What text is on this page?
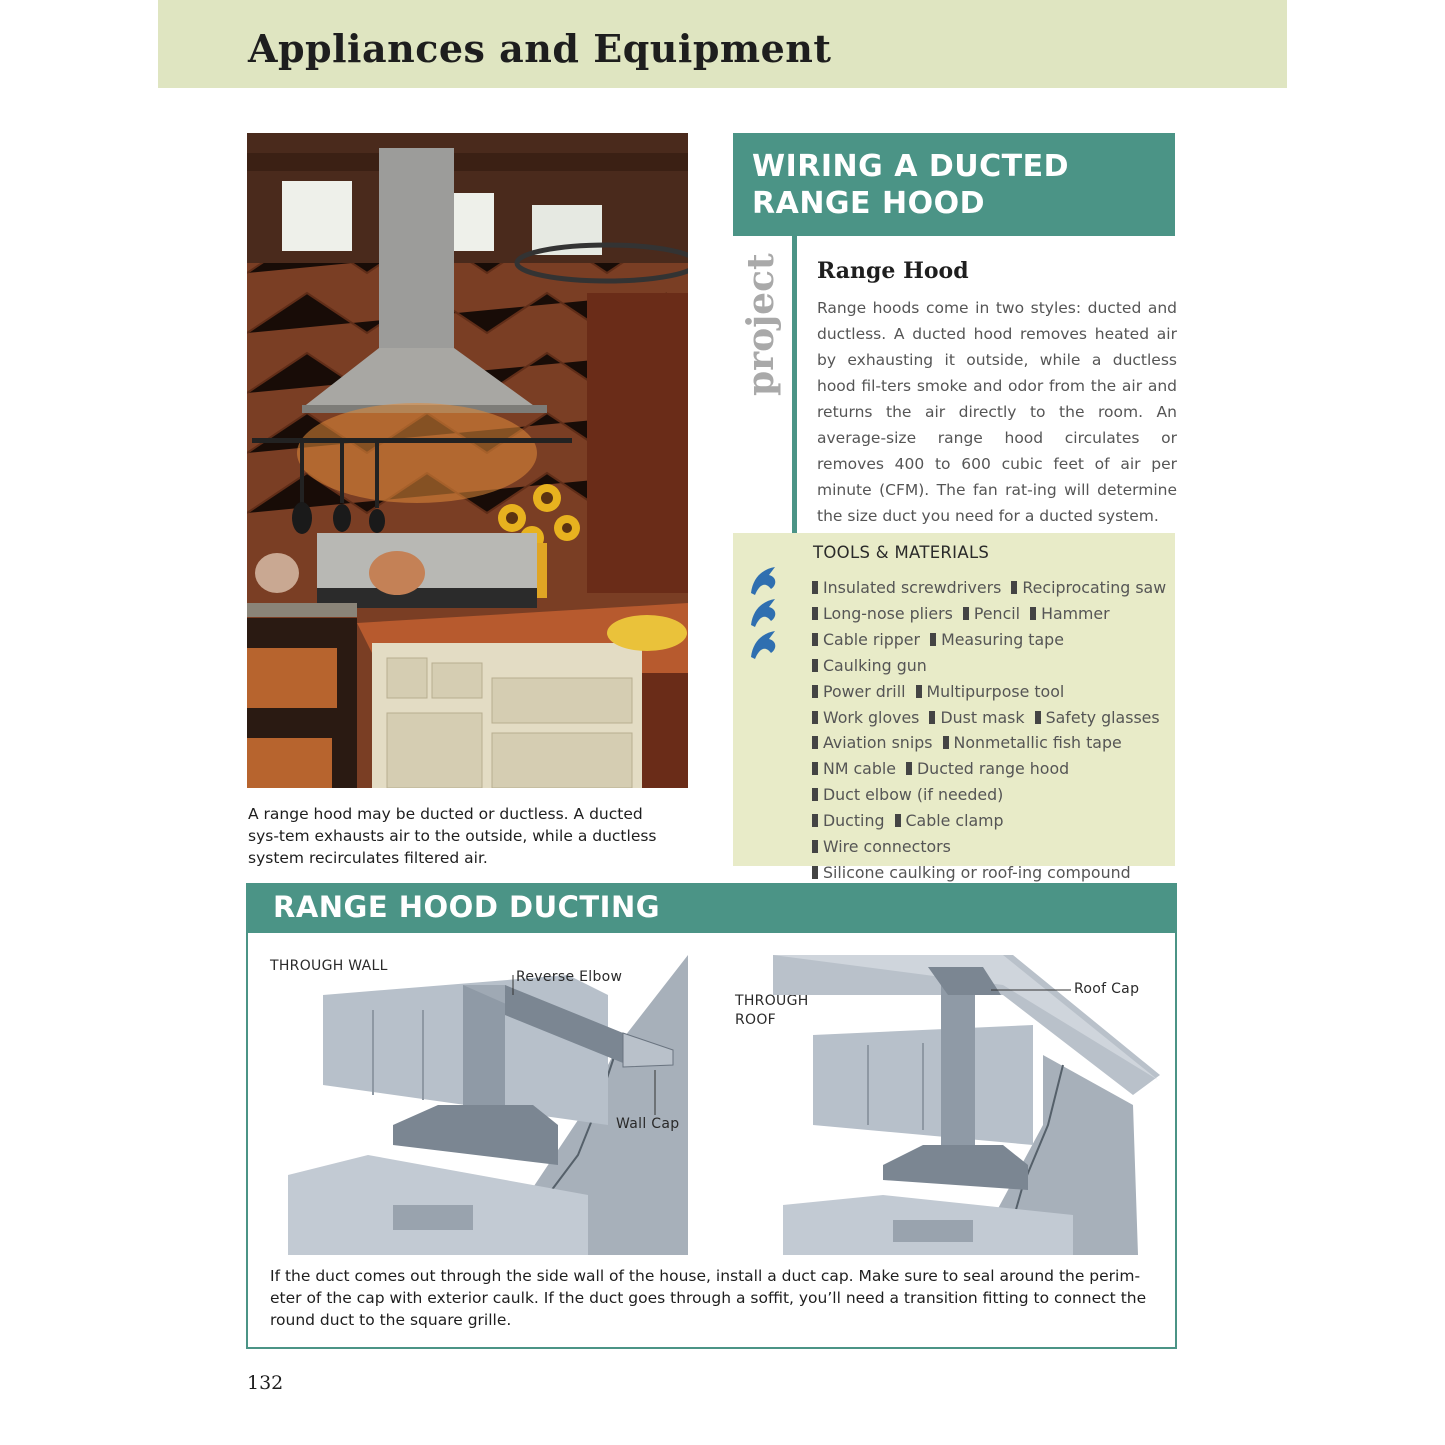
Appliances and Equipment
A range hood may be ducted or ductless. A ducted sys-tem exhausts air to the outside, while a ductless system recirculates filtered air.
WIRING A DUCTED
RANGE HOOD
project Range Hood
Range hoods come in two styles: ducted and ductless. A ducted hood removes heated air by exhausting it outside, while a ductless hood fil-ters smoke and odor from the air and returns the air directly to the room. An average-size range hood circulates or removes 400 to 600 cubic feet of air per minute (CFM). The fan rat-ing will determine the size duct you need for a ducted system.
TOOLS & MATERIALS
Insulated screwdrivers Reciprocating saw
Long-nose pliers Pencil Hammer
Cable ripper Measuring tape  Caulking gun
Power drill Multipurpose tool
Work gloves Dust mask Safety glasses
Aviation snips Nonmetallic fish tape
NM cable Ducted range hood  Duct elbow (if needed)
Ducting Cable clamp
Wire connectors
Silicone caulking or roof-ing compound

RANGE HOOD DUCTING
THROUGH WALL
Reverse Elbow
Wall Cap
THROUGH
ROOF
Roof Cap
If the duct comes out through the side wall of the house, install a duct cap. Make sure to seal around the perim-eter of the cap with exterior caulk. If the duct goes through a soffit, you’ll need a transition fitting to connect the round duct to the square grille.
132
